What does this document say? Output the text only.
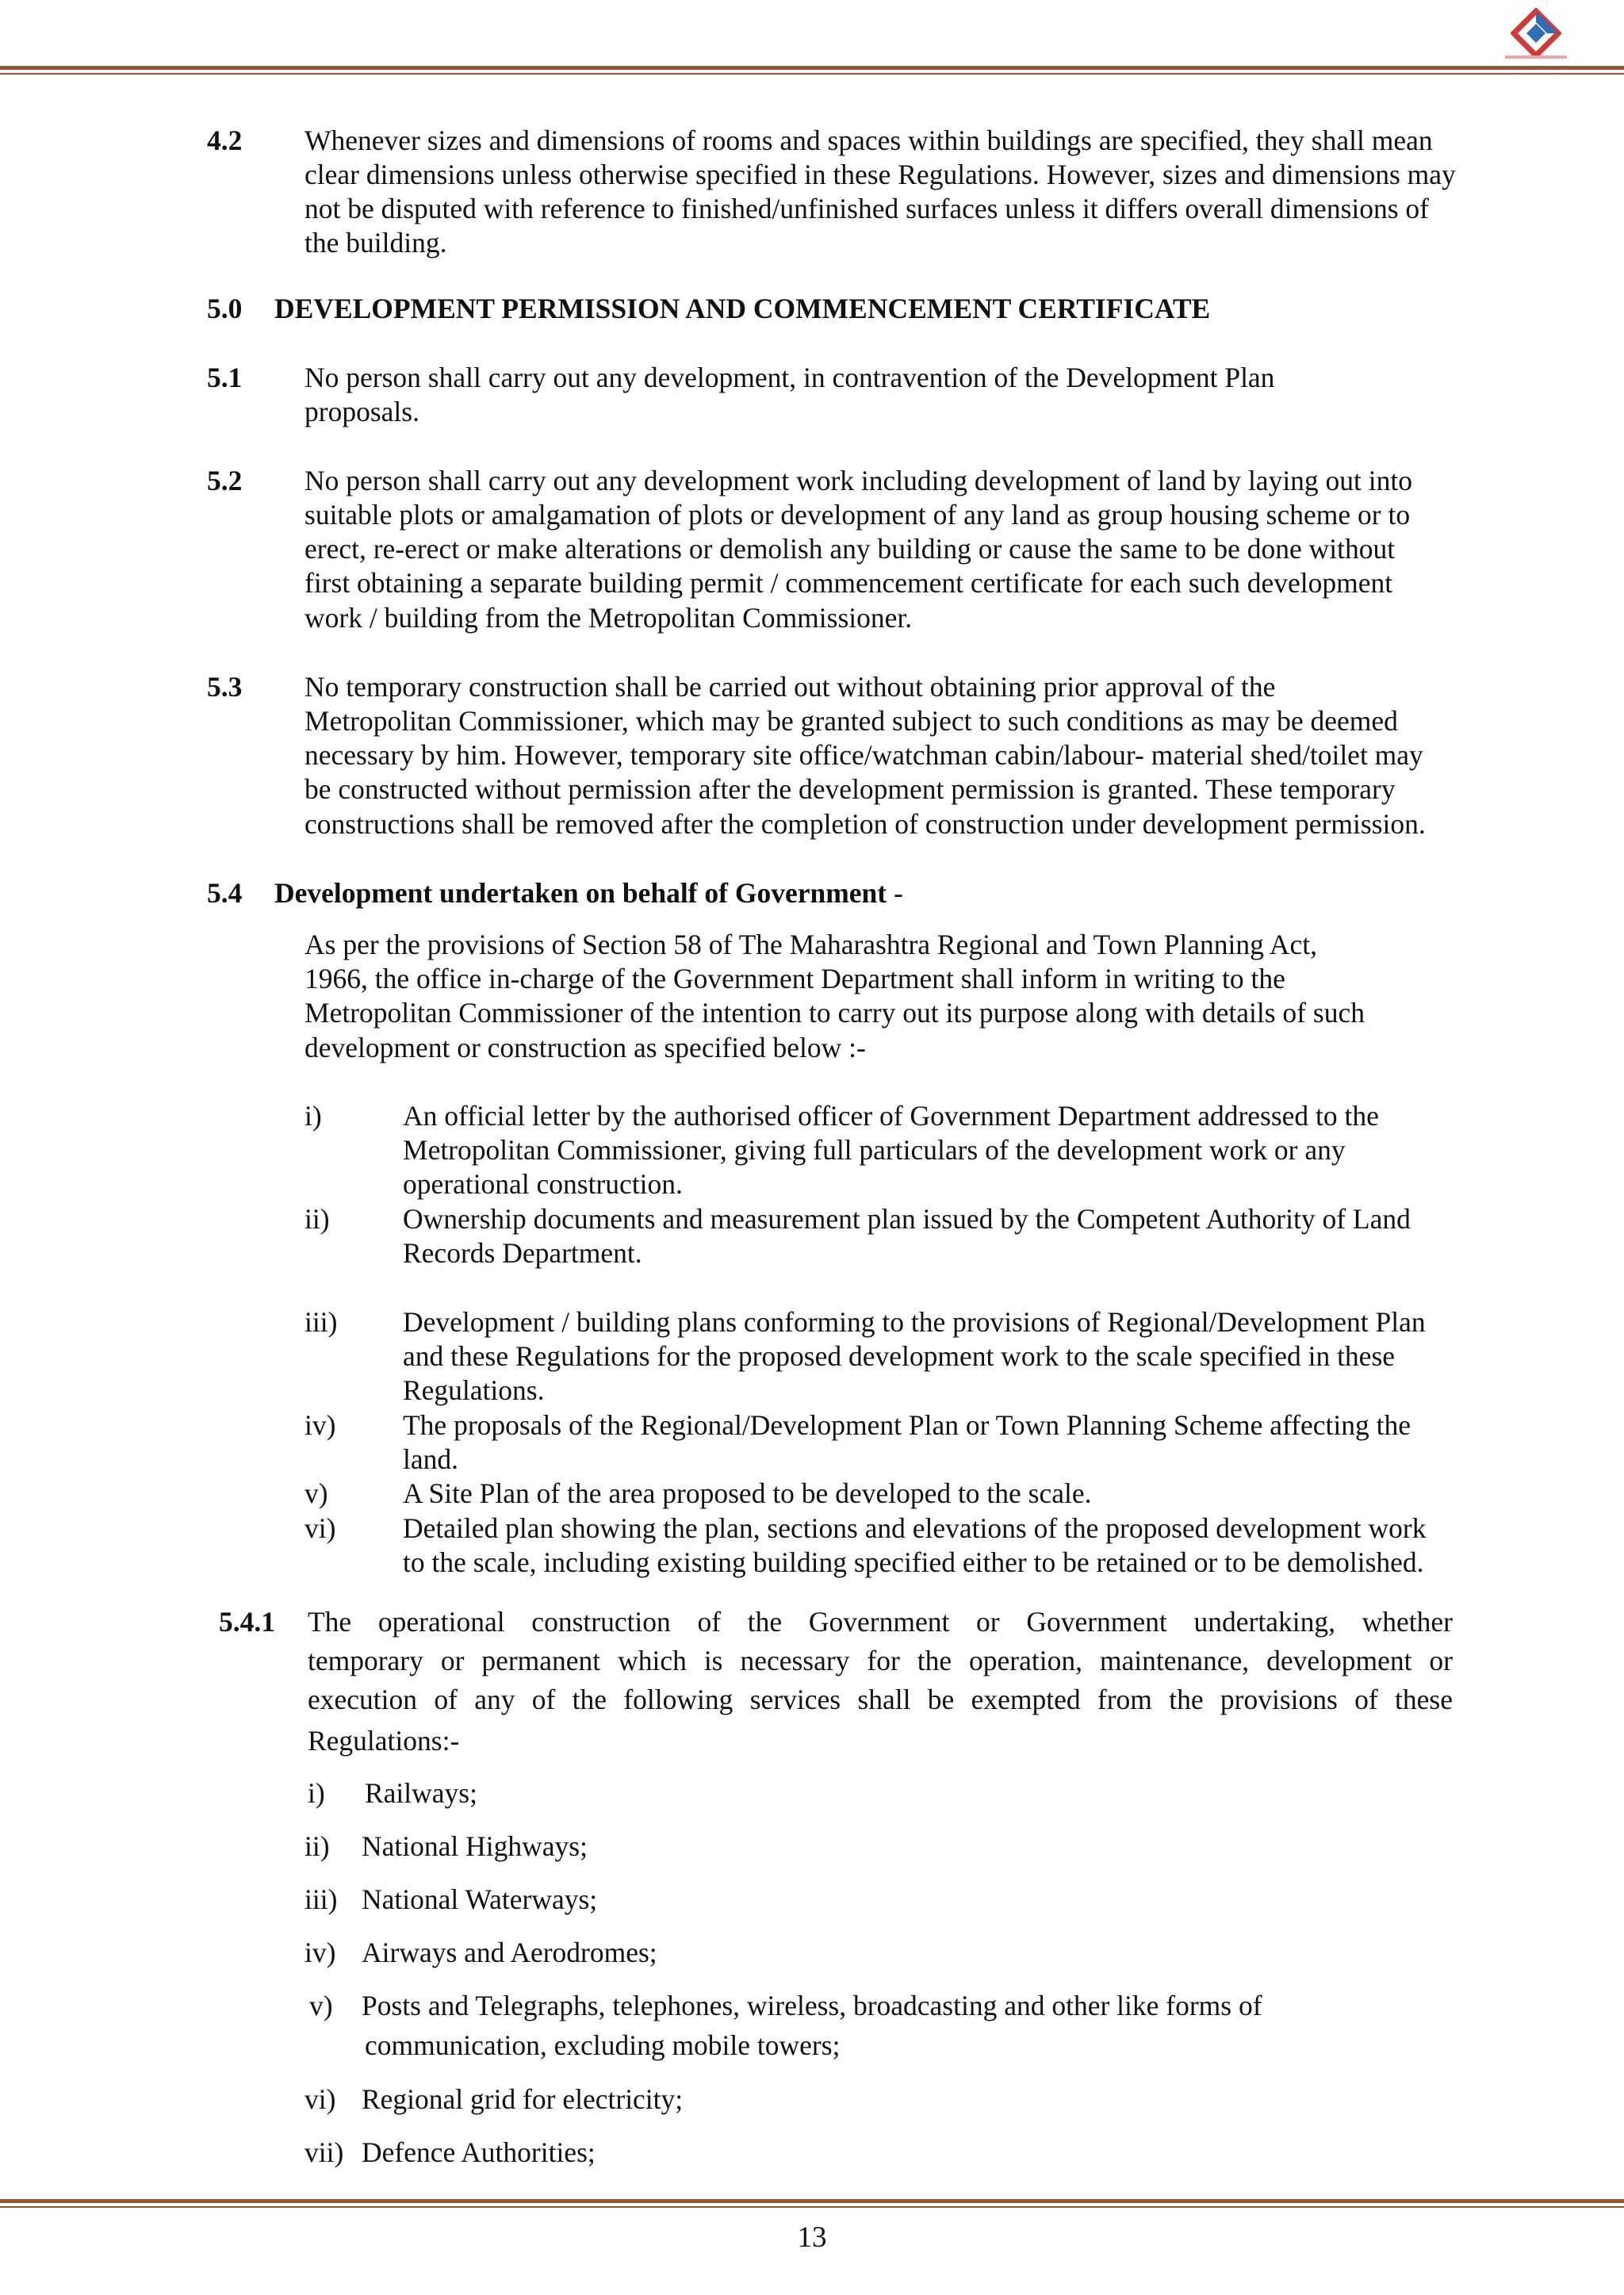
4.2 Whenever sizes and dimensions of rooms and spaces within buildings are specified, they shall mean
clear dimensions unless otherwise specified in these Regulations. However, sizes and dimensions may
not be disputed with reference to finished/unfinished surfaces unless it differs overall dimensions of
the building.
5.0 DEVELOPMENT PERMISSION AND COMMENCEMENT CERTIFICATE
5.1 No person shall carry out any development, in contravention of the Development Plan
proposals.
5.2 No person shall carry out any development work including development of land by laying out into
suitable plots or amalgamation of plots or development of any land as group housing scheme or to
erect, re-erect or make alterations or demolish any building or cause the same to be done without
first obtaining a separate building permit / commencement certificate for each such development
work / building from the Metropolitan Commissioner.
5.3 No temporary construction shall be carried out without obtaining prior approval of the
Metropolitan Commissioner, which may be granted subject to such conditions as may be deemed
necessary by him. However, temporary site office/watchman cabin/labour- material shed/toilet may
be constructed without permission after the development permission is granted. These temporary
constructions shall be removed after the completion of construction under development permission.
5.4 Development undertaken on behalf of Government -
As per the provisions of Section 58 of The Maharashtra Regional and Town Planning Act,
1966, the office in-charge of the Government Department shall inform in writing to the
Metropolitan Commissioner of the intention to carry out its purpose along with details of such
development or construction as specified below :-
i)	An official letter by the authorised officer of Government Department addressed to the
Metropolitan Commissioner, giving full particulars of the development work or any
operational construction.
ii)	Ownership documents and measurement plan issued by the Competent Authority of Land
Records Department.
iii) Development / building plans conforming to the provisions of Regional/Development Plan
and these Regulations for the proposed development work to the scale specified in these
Regulations.
iv) The proposals of the Regional/Development Plan or Town Planning Scheme affecting the
land.
v)	A Site Plan of the area proposed to be developed to the scale.
vi) Detailed plan showing the plan, sections and elevations of the proposed development work
to the scale, including existing building specified either to be retained or to be demolished.
5.4.1 The operational construction of the Government or Government undertaking, whether
temporary or permanent which is necessary for the operation, maintenance, development or
execution of any of the following services shall be exempted from the provisions of these
Regulations:-
i) Railways;
ii) National Highways;
iii) National Waterways;
iv) Airways and Aerodromes;
v) Posts and Telegraphs, telephones, wireless, broadcasting and other like forms of
communication, excluding mobile towers;
vi) Regional grid for electricity;
vii) Defence Authorities;
13
